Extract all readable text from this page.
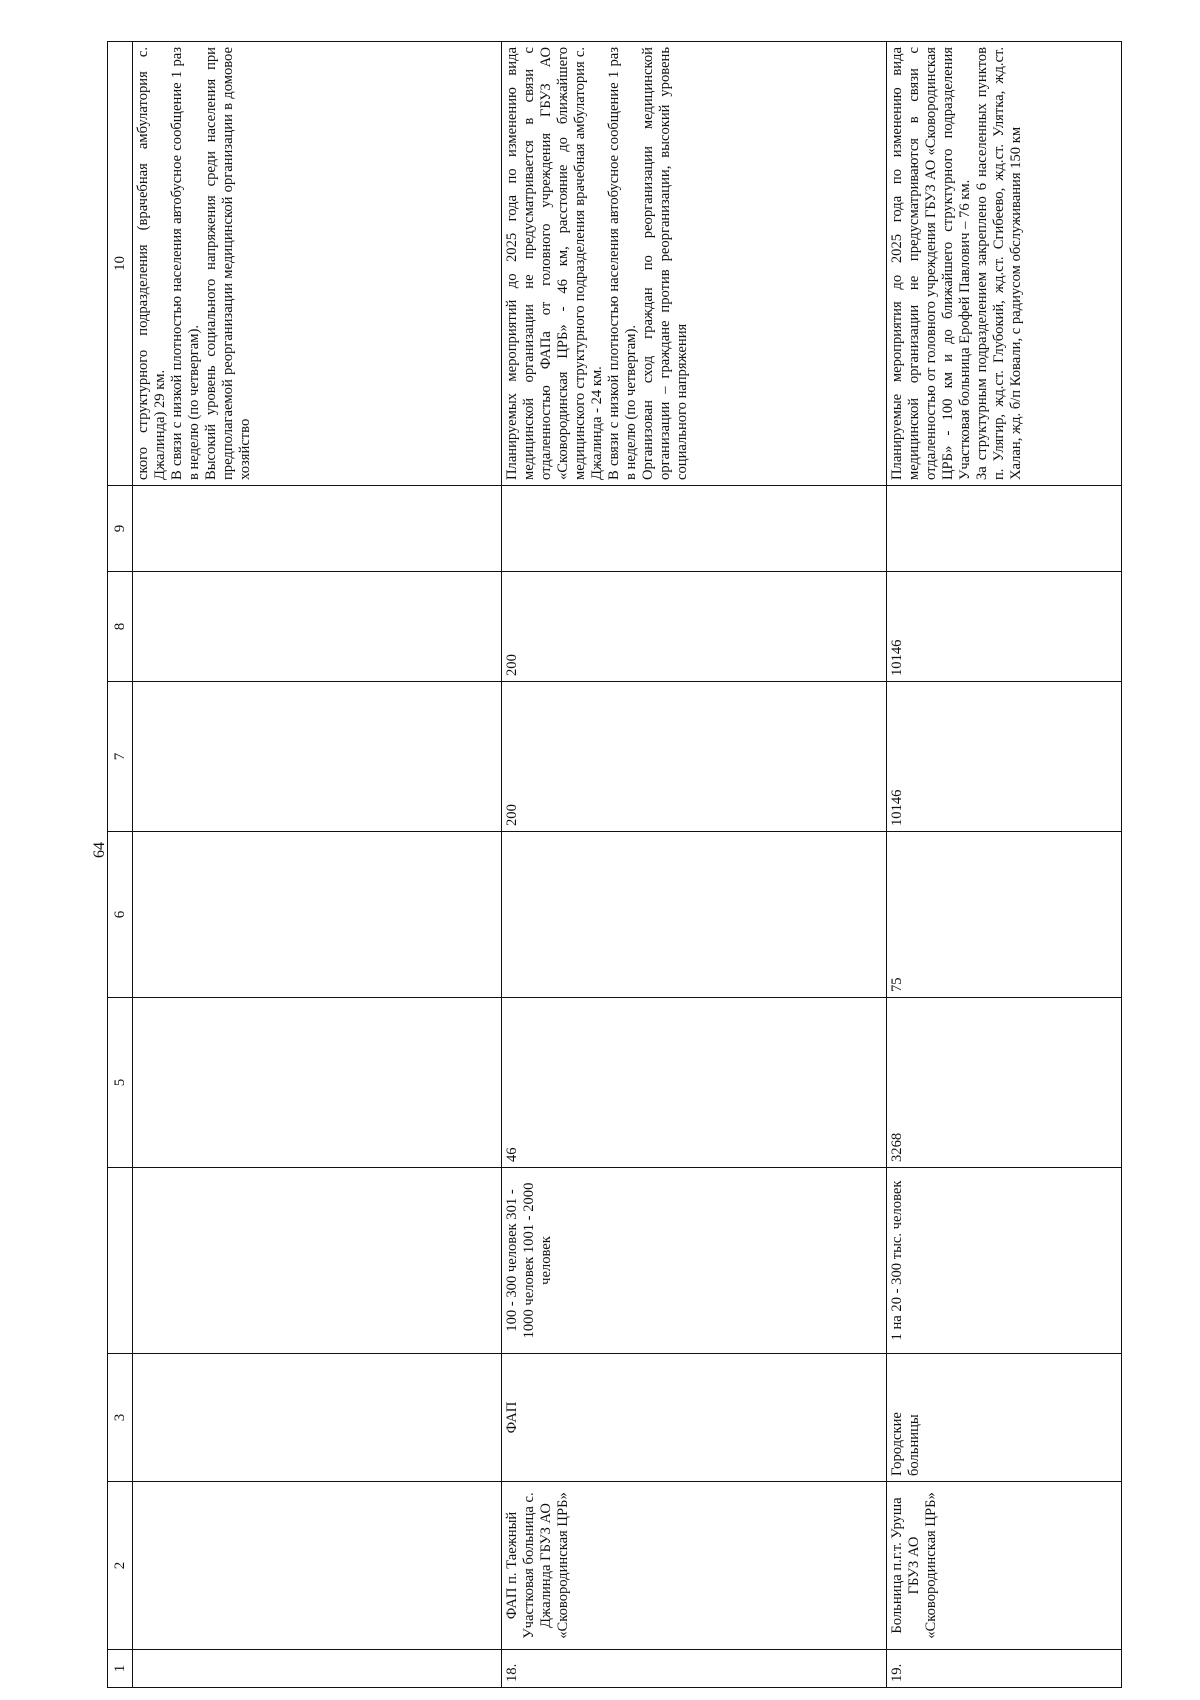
64
1	2	3		5	6	7	8	9	10

									ского структурного подразделения (врачебная амбулатория с. Джалинда) 29 км. В связи с низкой плотностью населения автобусное сообщение 1 раз в неделю (по четвергам). Высокий уровень социального напряжения среди населения при предполагаемой реорганизации медицинской организации в домовое хозяйство

18.	ФАП п. Таежный Участковая больница с. Джалинда ГБУЗ АО «Сковородинская ЦРБ»	ФАП	100 - 300 человек 301 - 1000 человек 1001 - 2000 человек	46		200	200		Планируемых мероприятий до 2025 года по изменению вида медицинской организации не предусматривается в связи с отдаленностью ФАПа от головного учреждения ГБУЗ АО «Сковородинская ЦРБ» - 46 км, расстояние до ближайшего медицинского структурного подразделения врачебная амбулатория с. Джалинда - 24 км. В связи с низкой плотностью населения автобусное сообщение 1 раз в неделю (по четвергам). Организован сход граждан по реорганизации медицинской организации – граждане против реорганизации, высокий уровень социального напряжения

19.	Больница п.г.т. Уруша ГБУЗ АО «Сковородинская ЦРБ»	Городские больницы	1 на 20 - 300 тыс. человек	3268	75	10146	10146		Планируемые мероприятия до 2025 года по изменению вида медицинской организации не предусматриваются в связи с отдаленностью от головного учреждения ГБУЗ АО «Сковородинская ЦРБ» - 100 км и до ближайшего структурного подразделения Участковая больница Ерофей Павлович – 76 км. За структурным подразделением закреплено 6 населенных пунктов п. Улягир, жд.ст. Глубокий, жд.ст. Сгибеево, жд.ст. Улятка, жд.ст. Халан, жд. б/п Ковали, с радиусом обслуживания 150 км
